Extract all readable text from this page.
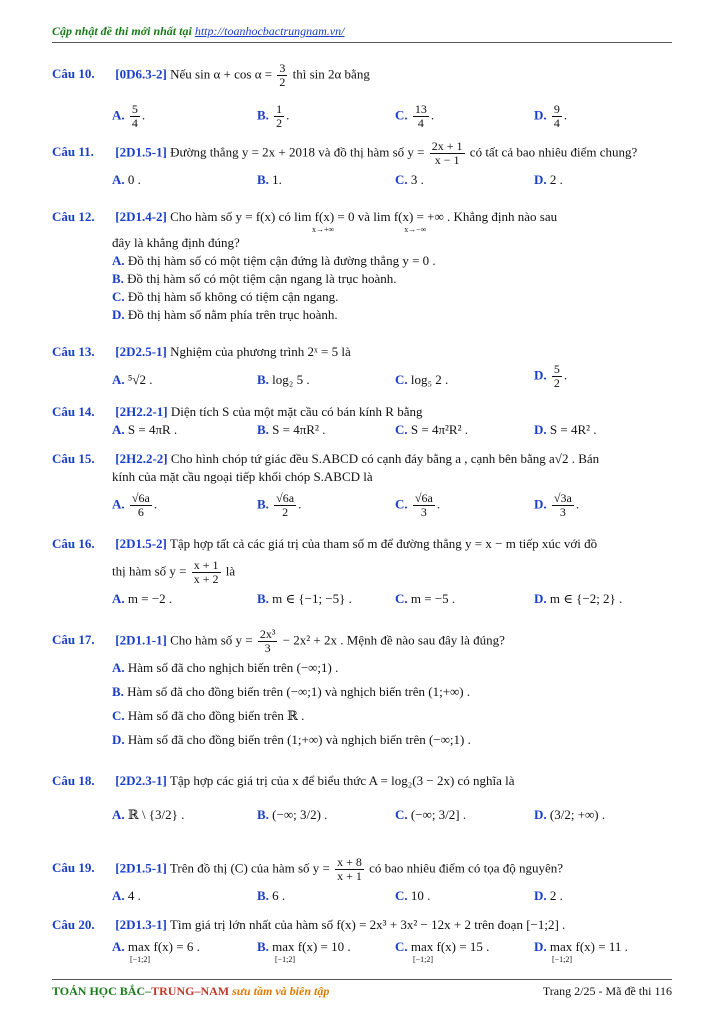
Cập nhật đề thi mới nhất tại http://toanhocbactrungnam.vn/
Câu 10. [0D6.3-2] Nếu $\sin \alpha + \cos \alpha = \frac{3}{2}$ thì sin 2α bằng
A. $\frac{5}{4}$ .	B. $\frac{1}{2}$ .	C. $\frac{13}{4}$ .	D. $\frac{9}{4}$ .
Câu 11. [2D1.5-1] Đường thẳng y = 2x + 2018 và đồ thị hàm số $y = \frac{2x + 1}{x - 1}$ có tất cả bao nhiêu điểm chung?
A. 0 .	B. 1.	C. 3 .	D. 2 .
Câu 12. [2D1.4-2] Cho hàm số y = f(x) có lim f(x) = 0 và lim f(x) = +∞ . Khẳng định nào sau
x→+∞	x→−∞
đây là khẳng định đúng?
A. Đồ thị hàm số có một tiệm cận đứng là đường thẳng y = 0 .
B. Đồ thị hàm số có một tiệm cận ngang là trục hoành.
C. Đồ thị hàm số không có tiệm cận ngang.
D. Đồ thị hàm số nằm phía trên trục hoành.
Câu 13. [2D2.5-1] Nghiệm của phương trình 2ˣ = 5 là
A. ⁵√2 .	B. log₂ 5 .	C. log₅ 2 .	D. $\frac{5}{2}$ .
Câu 14. [2H2.2-1] Diện tích S của một mặt cầu có bán kính R bằng
A. S = 4πR .	B. S = 4πR² .	C. S = 4π²R² .	D. S = 4R² .
Câu 15. [2H2.2-2] Cho hình chóp tứ giác đều S.ABCD có cạnh đáy bằng a , cạnh bên bằng a√2 . Bán
kính của mặt cầu ngoại tiếp khối chóp S.ABCD là
A. $\frac{√6a}{6}$ .	B. $\frac{√6a}{2}$ .	C. $\frac{√6a}{3}$ .	D. $\frac{√3a}{3}$ .
Câu 16. [2D1.5-2] Tập hợp tất cả các giá trị của tham số m để đường thẳng y = x − m tiếp xúc với đồ
thị hàm số $y = \frac{x + 1}{x + 2}$ là
A. m = −2 .	B. m ∈ {−1; −5} .	C. m = −5 .	D. m ∈ {−2; 2} .
Câu 17. [2D1.1-1] Cho hàm số $y = \frac{\text{2x³}}{3} - 2x^2 + 2x$ . Mệnh đề nào sau đây là đúng?
A. Hàm số đã cho nghịch biến trên (−∞;1) .
B. Hàm số đã cho đồng biến trên (−∞;1) và nghịch biến trên (1;+∞) .
C. Hàm số đã cho đồng biến trên ℝ .
D. Hàm số đã cho đồng biến trên (1;+∞) và nghịch biến trên (−∞;1) .
Câu 18. [2D2.3-1] Tập hợp các giá trị của x để biểu thức A = log₂(3 − 2x) có nghĩa là
A. ℝ \ {3/2} .	B. (−∞; 3/2) .	C. (−∞; 3/2] .	D. (3/2; +∞) .
Câu 19. [2D1.5-1] Trên đồ thị (C) của hàm số $y = \frac{x + 8}{x + 1}$ có bao nhiêu điểm có tọa độ nguyên?
A. 4 .	B. 6 .	C. 10 .	D. 2 .
Câu 20. [2D1.3-1] Tìm giá trị lớn nhất của hàm số f(x) = 2x³ + 3x² − 12x + 2 trên đoạn [−1;2] .
A. max f(x) = 6 .
[−1;2]
B. max f(x) = 10 .
[−1;2]
C. max f(x) = 15 .
[−1;2]
D. max f(x) = 11 .
[−1;2]
TOÁN HỌC BẮC–TRUNG–NAM sưu tầm và biên tập	Trang 2/25 - Mã đề thi 116
